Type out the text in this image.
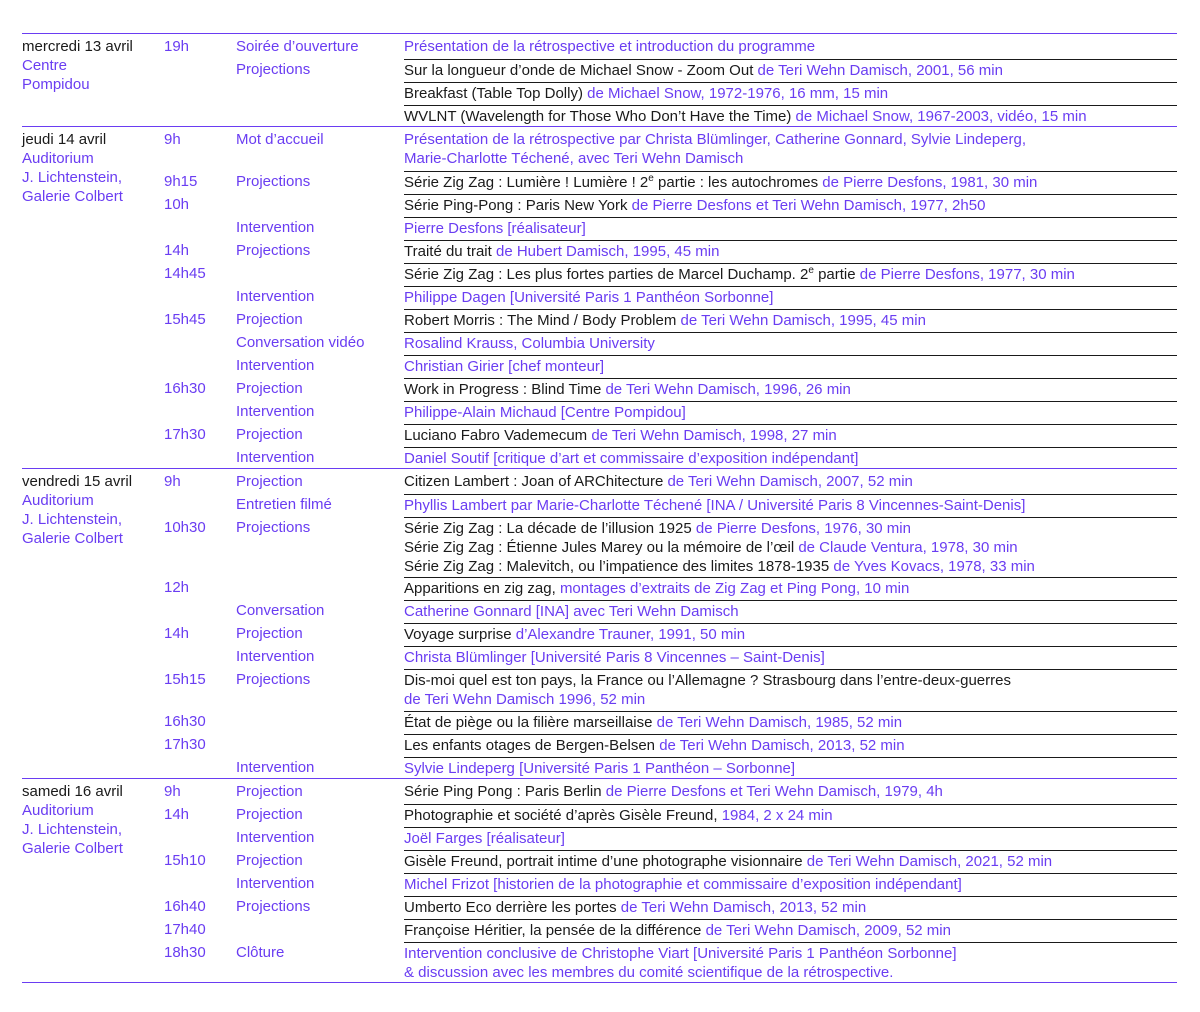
mercredi 13 avril
Centre
Pompidou
19h	Soirée d’ouverture	Présentation de la rétrospective et introduction du programme
Projections	Sur la longueur d’onde de Michael Snow - Zoom Out de Teri Wehn Damisch, 2001, 56 min
Breakfast (Table Top Dolly) de Michael Snow, 1972-1976, 16 mm, 15 min
WVLNT (Wavelength for Those Who Don’t Have the Time) de Michael Snow, 1967-2003, vidéo, 15 min
jeudi 14 avril
Auditorium
J. Lichtenstein,
Galerie Colbert
9h	Mot d’accueil	Présentation de la rétrospective par Christa Blümlinger, Catherine Gonnard, Sylvie Lindeperg,
Marie-Charlotte Téchené, avec Teri Wehn Damisch
9h15	Projections	Série Zig Zag : Lumière ! Lumière ! 2e partie : les autochromes de Pierre Desfons, 1981, 30 min
10h	Série Ping-Pong : Paris New York de Pierre Desfons et Teri Wehn Damisch, 1977, 2h50
Intervention	Pierre Desfons [réalisateur]
14h	Projections	Traité du trait de Hubert Damisch, 1995, 45 min
14h45	Série Zig Zag : Les plus fortes parties de Marcel Duchamp. 2e partie de Pierre Desfons, 1977, 30 min
Intervention	Philippe Dagen [Université Paris 1 Panthéon Sorbonne]
15h45	Projection	Robert Morris : The Mind / Body Problem de Teri Wehn Damisch, 1995, 45 min
Conversation vidéo	Rosalind Krauss, Columbia University
Intervention	Christian Girier [chef monteur]
16h30	Projection	Work in Progress : Blind Time de Teri Wehn Damisch, 1996, 26 min
Intervention	Philippe-Alain Michaud [Centre Pompidou]
17h30	Projection	Luciano Fabro Vademecum de Teri Wehn Damisch, 1998, 27 min
Intervention	Daniel Soutif [critique d’art et commissaire d’exposition indépendant]
vendredi 15 avril
Auditorium
J. Lichtenstein,
Galerie Colbert
9h	Projection	Citizen Lambert : Joan of ARChitecture de Teri Wehn Damisch, 2007, 52 min
Entretien filmé	Phyllis Lambert par Marie-Charlotte Téchené [INA / Université Paris 8 Vincennes-Saint-Denis]
10h30	Projections	Série Zig Zag : La décade de l’illusion 1925 de Pierre Desfons, 1976, 30 min
Série Zig Zag : Étienne Jules Marey ou la mémoire de l’œil de Claude Ventura, 1978, 30 min
Série Zig Zag : Malevitch, ou l’impatience des limites 1878-1935 de Yves Kovacs, 1978, 33 min
12h	Apparitions en zig zag, montages d’extraits de Zig Zag et Ping Pong, 10 min
Conversation	Catherine Gonnard [INA] avec Teri Wehn Damisch
14h	Projection	Voyage surprise d’Alexandre Trauner, 1991, 50 min
Intervention	Christa Blümlinger [Université Paris 8 Vincennes – Saint-Denis]
15h15	Projections	Dis-moi quel est ton pays, la France ou l’Allemagne ? Strasbourg dans l’entre-deux-guerres
de Teri Wehn Damisch 1996, 52 min
16h30	État de piège ou la filière marseillaise de Teri Wehn Damisch, 1985, 52 min
17h30	Les enfants otages de Bergen-Belsen de Teri Wehn Damisch, 2013, 52 min
Intervention	Sylvie Lindeperg [Université Paris 1 Panthéon – Sorbonne]
samedi 16 avril
Auditorium
J. Lichtenstein,
Galerie Colbert
9h	Projection	Série Ping Pong : Paris Berlin de Pierre Desfons et Teri Wehn Damisch, 1979, 4h
14h	Projection	Photographie et société d’après Gisèle Freund, 1984, 2 x 24 min
Intervention	Joël Farges [réalisateur]
15h10	Projection	Gisèle Freund, portrait intime d’une photographe visionnaire de Teri Wehn Damisch, 2021, 52 min
Intervention	Michel Frizot [historien de la photographie et commissaire d’exposition indépendant]
16h40	Projections	Umberto Eco derrière les portes de Teri Wehn Damisch, 2013, 52 min
17h40	Françoise Héritier, la pensée de la différence de Teri Wehn Damisch, 2009, 52 min
18h30	Clôture	Intervention conclusive de Christophe Viart [Université Paris 1 Panthéon Sorbonne]
& discussion avec les membres du comité scientifique de la rétrospective.
